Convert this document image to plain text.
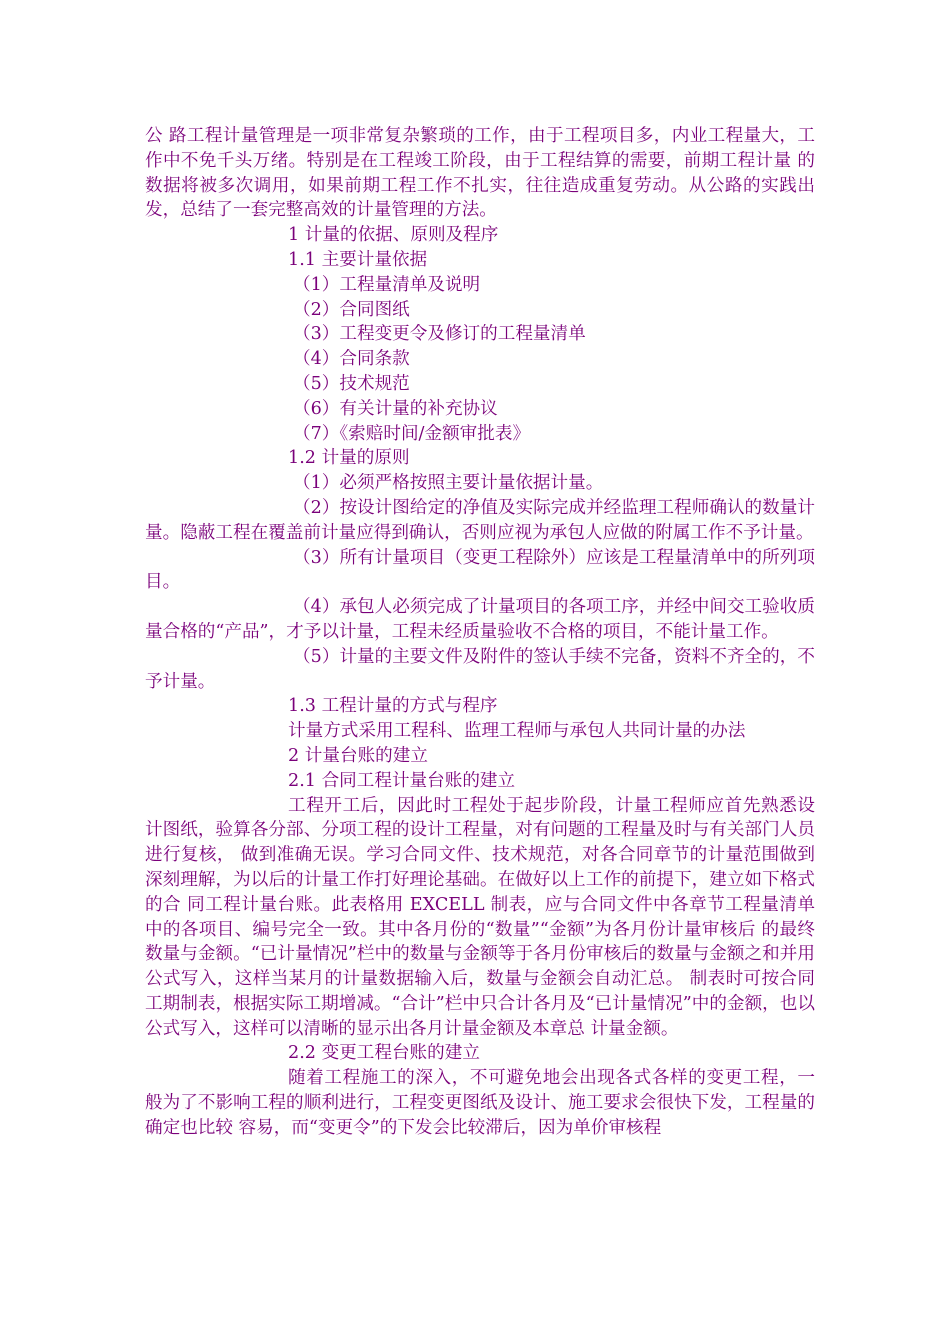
公 路工程计量管理是一项非常复杂繁琐的工作，由于工程项目多，内业工程量大，工作中不免千头万绪。特别是在工程竣工阶段，由于工程结算的需要，前期工程计量 的数据将被多次调用，如果前期工程工作不扎实，往往造成重复劳动。从公路的实践出发，总结了一套完整高效的计量管理的方法。

1 计量的依据、原则及程序

1.1 主要计量依据

（1）工程量清单及说明

（2）合同图纸

（3）工程变更令及修订的工程量清单

（4）合同条款

（5）技术规范

（6）有关计量的补充协议

（7）《索赔时间/金额审批表》

1.2 计量的原则

（1）必须严格按照主要计量依据计量。

（2）按设计图给定的净值及实际完成并经监理工程师确认的数量计量。隐蔽工程在覆盖前计量应得到确认，否则应视为承包人应做的附属工作不予计量。

（3）所有计量项目（变更工程除外）应该是工程量清单中的所列项目。

（4）承包人必须完成了计量项目的各项工序，并经中间交工验收质量合格的“产品”，才予以计量，工程未经质量验收不合格的项目，不能计量工作。

（5）计量的主要文件及附件的签认手续不完备，资料不齐全的，不予计量。

1.3 工程计量的方式与程序

计量方式采用工程科、监理工程师与承包人共同计量的办法

2 计量台账的建立

2.1 合同工程计量台账的建立

工程开工后，因此时工程处于起步阶段，计量工程师应首先熟悉设计图纸，验算各分部、分项工程的设计工程量，对有问题的工程量及时与有关部门人员进行复核， 做到准确无误。学习合同文件、技术规范，对各合同章节的计量范围做到深刻理解，为以后的计量工作打好理论基础。在做好以上工作的前提下，建立如下格式的合 同工程计量台账。此表格用 EXCELL 制表，应与合同文件中各章节工程量清单中的各项目、编号完全一致。其中各月份的“数量”“金额”为各月份计量审核后 的最终数量与金额。“已计量情况”栏中的数量与金额等于各月份审核后的数量与金额之和并用公式写入，这样当某月的计量数据输入后，数量与金额会自动汇总。 制表时可按合同工期制表，根据实际工期增减。“合计”栏中只合计各月及“已计量情况”中的金额，也以公式写入，这样可以清晰的显示出各月计量金额及本章总 计量金额。

2.2 变更工程台账的建立

随着工程施工的深入，不可避免地会出现各式各样的变更工程，一般为了不影响工程的顺利进行，工程变更图纸及设计、施工要求会很快下发，工程量的确定也比较 容易，而“变更令”的下发会比较滞后，因为单价审核程
